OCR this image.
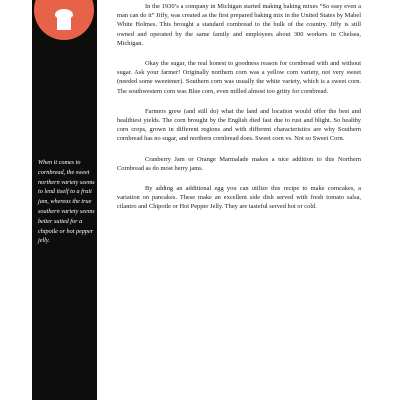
When it comes to cornbread, the sweet northern variety seems to lend itself to a fruit jam, whereas the true southern variety seems better suited for a chipotle or hot pepper jelly.

In the 1930’s a company in Michigan started making baking mixes “So easy even a man can do it” Jiffy, was created as the first prepared baking mix in the United States by Mabel White Holmes. This brought a standard cornbread to the bulk of the country. Jiffy is still owned and operated by the same family and employees about 300 workers in Chelsea, Michigan.

Okay the sugar, the real honest to goodness reason for cornbread with and without sugar. Ask your farmer! Originally northern corn was a yellow corn variety, not very sweet (needed some sweetener). Southern corn was usually the white variety, which is a sweet corn. The southwestern corn was Blue corn, even milled almost too gritty for cornbread.

Farmers grew (and still do) what the land and location would offer the best and healthiest yields. The corn brought by the English died fast due to rust and blight. So healthy corn crops, grown in different regions and with different characteristics are why Southern cornbread has no sugar, and northern cornbread does. Sweet corn vs. Not so Sweet Corn.

Cranberry Jam or Orange Marmalade makes a nice addition to this Northern Cornbread as do most berry jams.

By adding an additional egg you can utilize this recipe to make corncakes, a variation on pancakes. These make an excellent side dish served with fresh tomato salsa, cilantro and Chipotle or Hot Pepper Jelly. They are tasteful served hot or cold.
